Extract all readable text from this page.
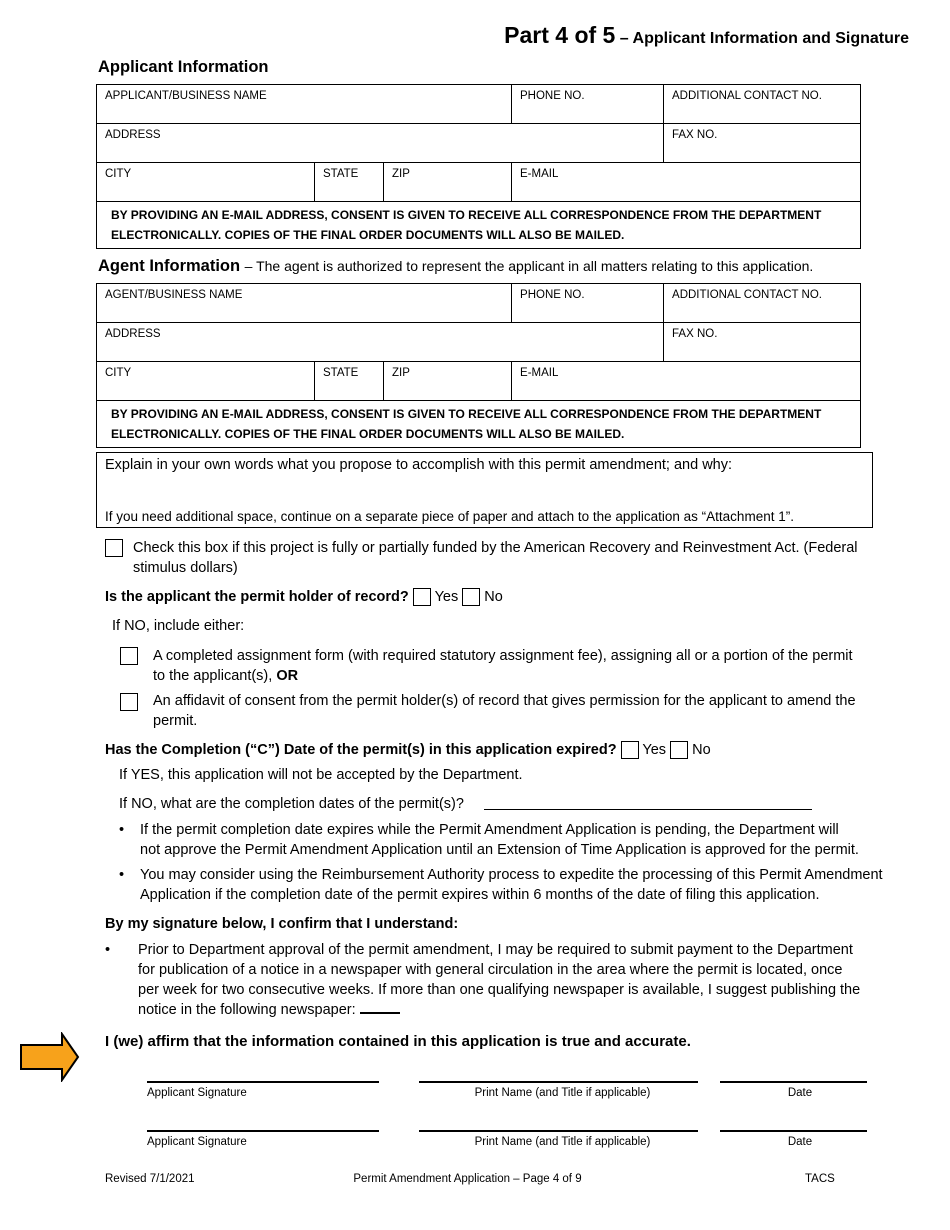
Part 4 of 5 – Applicant Information and Signature
Applicant Information
APPLICANT/BUSINESS NAME			PHONE NO.	ADDITIONAL CONTACT NO.
ADDRESS				FAX NO.
CITY	STATE	ZIP	E-MAIL	

BY PROVIDING AN E-MAIL ADDRESS, CONSENT IS GIVEN TO RECEIVE ALL CORRESPONDENCE FROM THE DEPARTMENT
ELECTRONICALLY. COPIES OF THE FINAL ORDER DOCUMENTS WILL ALSO BE MAILED.				
Agent Information – The agent is authorized to represent the applicant in all matters relating to this application.
AGENT/BUSINESS NAME			PHONE NO.	ADDITIONAL CONTACT NO.
ADDRESS				FAX NO.
CITY	STATE	ZIP	E-MAIL	

BY PROVIDING AN E-MAIL ADDRESS, CONSENT IS GIVEN TO RECEIVE ALL CORRESPONDENCE FROM THE DEPARTMENT
ELECTRONICALLY. COPIES OF THE FINAL ORDER DOCUMENTS WILL ALSO BE MAILED.				
Explain in your own words what you propose to accomplish with this permit amendment; and why:
If you need additional space, continue on a separate piece of paper and attach to the application as “Attachment 1”.
Check this box if this project is fully or partially funded by the American Recovery and Reinvestment Act. (Federal
stimulus dollars)
Is the applicant the permit holder of record? Yes No
If NO, include either:
A completed assignment form (with required statutory assignment fee), assigning all or a portion of the permit
to the applicant(s), OR
An affidavit of consent from the permit holder(s) of record that gives permission for the applicant to amend the
permit.
Has the Completion (“C”) Date of the permit(s) in this application expired? Yes No
If YES, this application will not be accepted by the Department.
If NO, what are the completion dates of the permit(s)?
• If the permit completion date expires while the Permit Amendment Application is pending, the Department will
not approve the Permit Amendment Application until an Extension of Time Application is approved for the permit.
• You may consider using the Reimbursement Authority process to expedite the processing of this Permit Amendment
Application if the completion date of the permit expires within 6 months of the date of filing this application.
By my signature below, I confirm that I understand:
• Prior to Department approval of the permit amendment, I may be required to submit payment to the Department
for publication of a notice in a newspaper with general circulation in the area where the permit is located, once
per week for two consecutive weeks. If more than one qualifying newspaper is available, I suggest publishing the
notice in the following newspaper:
I (we) affirm that the information contained in this application is true and accurate.
Applicant Signature	Print Name (and Title if applicable)	Date
Applicant Signature	Print Name (and Title if applicable)	Date
Revised 7/1/2021	Permit Amendment Application – Page 4 of 9	TACS
